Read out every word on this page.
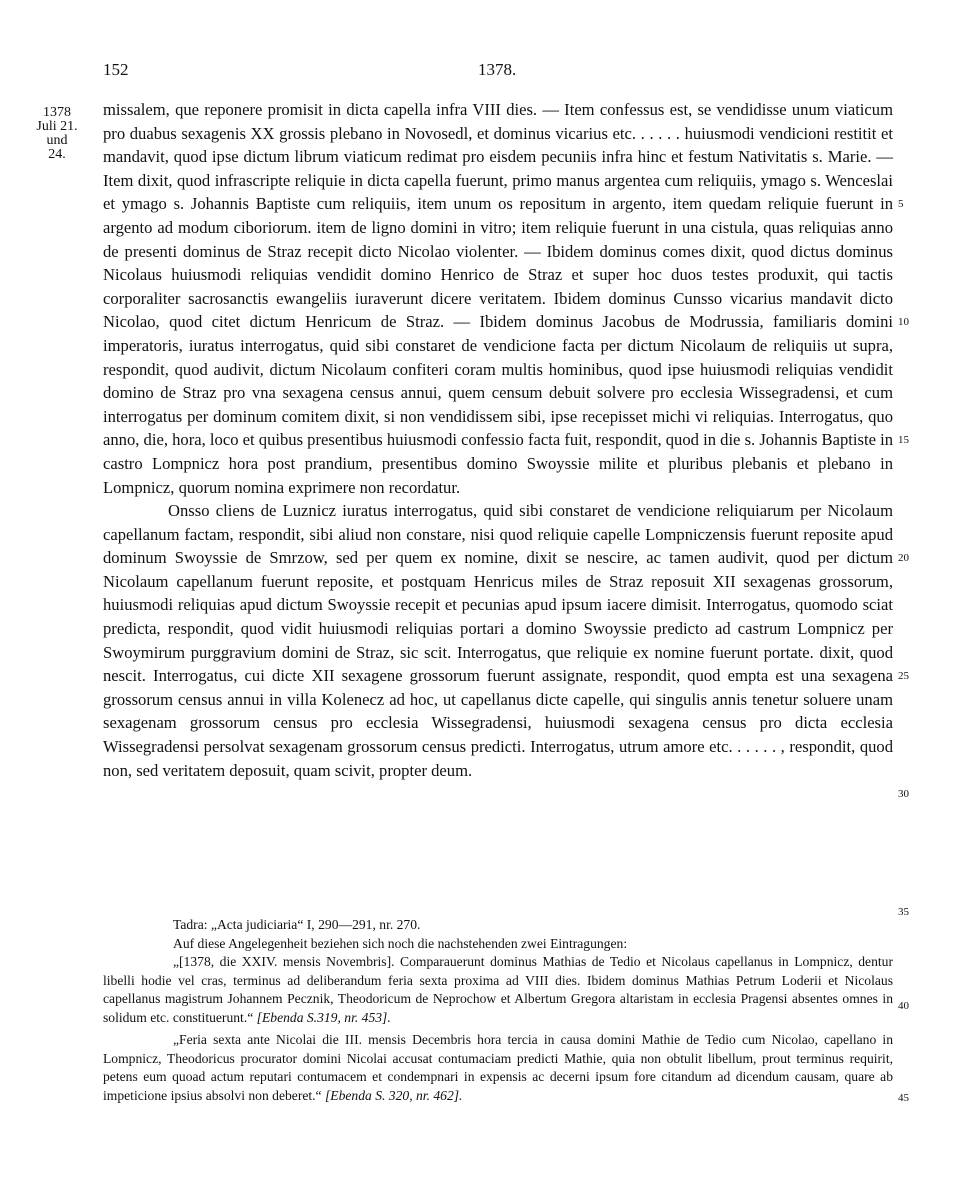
152	1378.
1378
Juli 21.
und
24.

missalem, que reponere promisit in dicta capella infra VIII dies. — Item confessus est, se vendidisse unum viaticum pro duabus sexagenis XX grossis plebano in Novosedl, et dominus vicarius etc. . . . . . huiusmodi vendicioni restitit et mandavit, quod ipse dictum librum viaticum redimat pro eisdem pecuniis infra hinc et festum Nativitatis s. Marie. — Item dixit, quod infrascripte reliquie in dicta capella fuerunt, primo manus argentea cum reliquiis, ymago s. Wenceslai et ymago s. Johannis Baptiste cum reliquiis, item unum os repositum in argento, item quedam reliquie fuerunt in argento ad modum ciboriorum. item de ligno domini in vitro; item reliquie fuerunt in una cistula, quas reliquias anno de presenti dominus de Straz recepit dicto Nicolao violenter. — Ibidem dominus comes dixit, quod dictus dominus Nicolaus huiusmodi reliquias vendidit domino Henrico de Straz et super hoc duos testes produxit, qui tactis corporaliter sacrosanctis ewangeliis iuraverunt dicere veritatem. Ibidem dominus Cunsso vicarius mandavit dicto Nicolao, quod citet dictum Henricum de Straz. — Ibidem dominus Jacobus de Modrussia, familiaris domini imperatoris, iuratus interrogatus, quid sibi constaret de vendicione facta per dictum Nicolaum de reliquiis ut supra, respondit, quod audivit, dictum Nicolaum confiteri coram multis hominibus, quod ipse huiusmodi reliquias vendidit domino de Straz pro vna sexagena census annui, quem censum debuit solvere pro ecclesia Wissegradensi, et cum interrogatus per dominum comitem dixit, si non vendidissem sibi, ipse recepisset michi vi reliquias. Interrogatus, quo anno, die, hora, loco et quibus presentibus huiusmodi confessio facta fuit, respondit, quod in die s. Johannis Baptiste in castro Lompnicz hora post prandium, presentibus domino Swoyssie milite et pluribus plebanis et plebano in Lompnicz, quorum nomina exprimere non recordatur.

Onsso cliens de Luznicz iuratus interrogatus, quid sibi constaret de vendicione reliquiarum per Nicolaum capellanum factam, respondit, sibi aliud non constare, nisi quod reliquie capelle Lompniczensis fuerunt reposite apud dominum Swoyssie de Smrzow, sed per quem ex nomine, dixit se nescire, ac tamen audivit, quod per dictum Nicolaum capellanum fuerunt reposite, et postquam Henricus miles de Straz reposuit XII sexagenas grossorum, huiusmodi reliquias apud dictum Swoyssie recepit et pecunias apud ipsum iacere dimisit. Interrogatus, quomodo sciat predicta, respondit, quod vidit huiusmodi reliquias portari a domino Swoyssie predicto ad castrum Lompnicz per Swoymirum purggravium domini de Straz, sic scit. Interrogatus, que reliquie ex nomine fuerunt portate. dixit, quod nescit. Interrogatus, cui dicte XII sexagene grossorum fuerunt assignate, respondit, quod empta est una sexagena grossorum census annui in villa Kolenecz ad hoc, ut capellanus dicte capelle, qui singulis annis tenetur soluere unam sexagenam grossorum census pro ecclesia Wissegradensi, huiusmodi sexagena census pro dicta ecclesia Wissegradensi persolvat sexagenam grossorum census predicti. Interrogatus, utrum amore etc. . . . . . , respondit, quod non, sed veritatem deposuit, quam scivit, propter deum.

5
10
15
20
25
30
35
40
45

Tadra: „Acta judiciaria“ I, 290—291, nr. 270.

Auf diese Angelegenheit beziehen sich noch die nachstehenden zwei Eintragungen:

„[1378, die XXIV. mensis Novembris]. Comparauerunt dominus Mathias de Tedio et Nicolaus capellanus in Lompnicz, dentur libelli hodie vel cras, terminus ad deliberandum feria sexta proxima ad VIII dies. Ibidem dominus Mathias Petrum Loderii et Nicolaus capellanus magistrum Johannem Pecznik, Theodoricum de Neprochow et Albertum Gregora altaristam in ecclesia Pragensi absentes omnes in solidum etc. constituerunt.“ [Ebenda S.319, nr. 453].

„Feria sexta ante Nicolai die III. mensis Decembris hora tercia in causa domini Mathie de Tedio cum Nicolao, capellano in Lompnicz, Theodoricus procurator domini Nicolai accusat contumaciam predicti Mathie, quia non obtulit libellum, prout terminus requirit, petens eum quoad actum reputari contumacem et condempnari in expensis ac decerni ipsum fore citandum ad dicendum causam, quare ab impeticione ipsius absolvi non deberet.“ [Ebenda S. 320, nr. 462].
